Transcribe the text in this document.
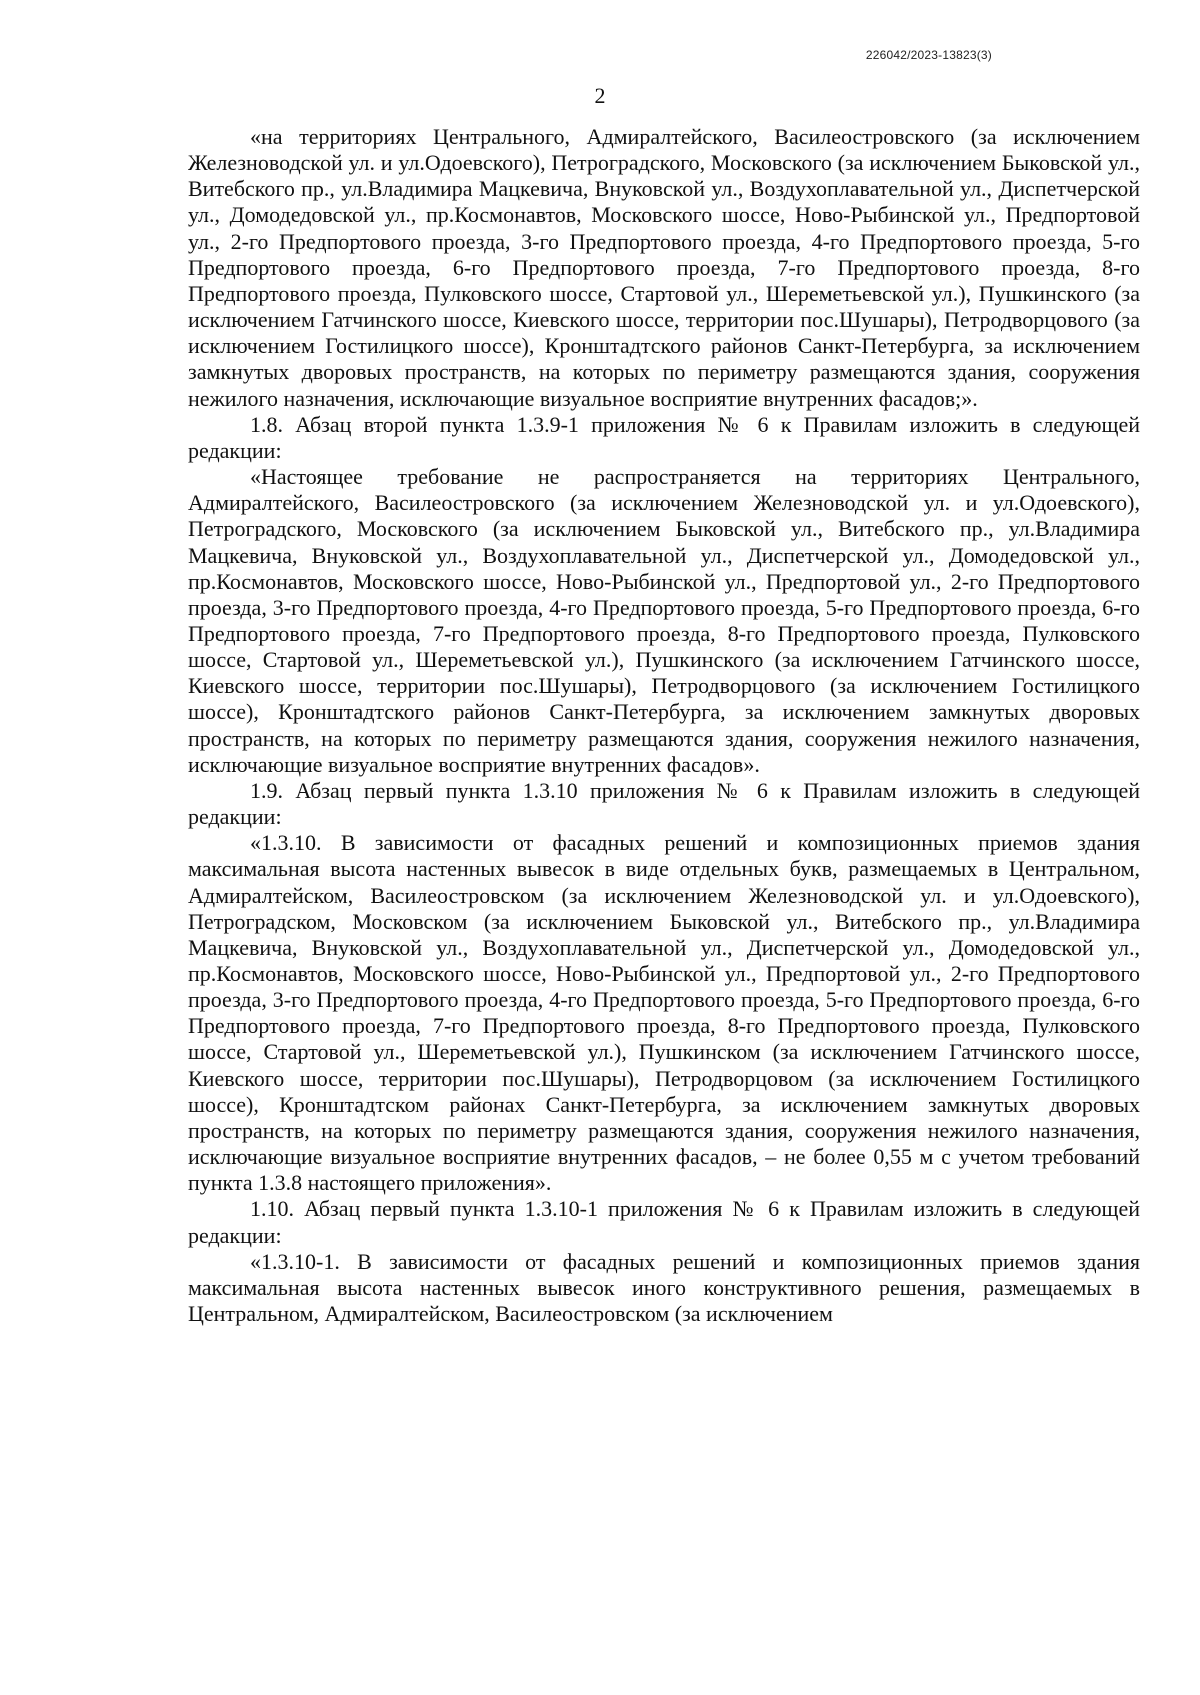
226042/2023-13823(3)
2

«на территориях Центрального, Адмиралтейского, Василеостровского (за исключением Железноводской ул. и ул.Одоевского), Петроградского, Московского (за исключением Быковской ул., Витебского пр., ул.Владимира Мацкевича, Внуковской ул., Воздухоплавательной ул., Диспетчерской ул., Домодедовской ул., пр.Космонавтов, Московского шоссе, Ново-Рыбинской ул., Предпортовой ул., 2-го Предпортового проезда, 3-го Предпортового проезда, 4-го Предпортового проезда, 5-го Предпортового проезда, 6-го Предпортового проезда, 7-го Предпортового проезда, 8-го Предпортового проезда, Пулковского шоссе, Стартовой ул., Шереметьевской ул.), Пушкинского (за исключением Гатчинского шоссе, Киевского шоссе, территории пос.Шушары), Петродворцового (за исключением Гостилицкого шоссе), Кронштадтского районов Санкт-Петербурга, за исключением замкнутых дворовых пространств, на которых по периметру размещаются здания, сооружения нежилого назначения, исключающие визуальное восприятие внутренних фасадов;».

1.8. Абзац второй пункта 1.3.9-1 приложения № 6 к Правилам изложить в следующей редакции:

«Настоящее требование не распространяется на территориях Центрального, Адмиралтейского, Василеостровского (за исключением Железноводской ул. и ул.Одоевского), Петроградского, Московского (за исключением Быковской ул., Витебского пр., ул.Владимира Мацкевича, Внуковской ул., Воздухоплавательной ул., Диспетчерской ул., Домодедовской ул., пр.Космонавтов, Московского шоссе, Ново-Рыбинской ул., Предпортовой ул., 2-го Предпортового проезда, 3-го Предпортового проезда, 4-го Предпортового проезда, 5-го Предпортового проезда, 6-го Предпортового проезда, 7-го Предпортового проезда, 8-го Предпортового проезда, Пулковского шоссе, Стартовой ул., Шереметьевской ул.), Пушкинского (за исключением Гатчинского шоссе, Киевского шоссе, территории пос.Шушары), Петродворцового (за исключением Гостилицкого шоссе), Кронштадтского районов Санкт-Петербурга, за исключением замкнутых дворовых пространств, на которых по периметру размещаются здания, сооружения нежилого назначения, исключающие визуальное восприятие внутренних фасадов».

1.9. Абзац первый пункта 1.3.10 приложения № 6 к Правилам изложить в следующей редакции:

«1.3.10. В зависимости от фасадных решений и композиционных приемов здания максимальная высота настенных вывесок в виде отдельных букв, размещаемых в Центральном, Адмиралтейском, Василеостровском (за исключением Железноводской ул. и ул.Одоевского), Петроградском, Московском (за исключением Быковской ул., Витебского пр., ул.Владимира Мацкевича, Внуковской ул., Воздухоплавательной ул., Диспетчерской ул., Домодедовской ул., пр.Космонавтов, Московского шоссе, Ново-Рыбинской ул., Предпортовой ул., 2-го Предпортового проезда, 3-го Предпортового проезда, 4-го Предпортового проезда, 5-го Предпортового проезда, 6-го Предпортового проезда, 7-го Предпортового проезда, 8-го Предпортового проезда, Пулковского шоссе, Стартовой ул., Шереметьевской ул.), Пушкинском (за исключением Гатчинского шоссе, Киевского шоссе, территории пос.Шушары), Петродворцовом (за исключением Гостилицкого шоссе), Кронштадтском районах Санкт-Петербурга, за исключением замкнутых дворовых пространств, на которых по периметру размещаются здания, сооружения нежилого назначения, исключающие визуальное восприятие внутренних фасадов, – не более 0,55 м с учетом требований пункта 1.3.8 настоящего приложения».

1.10. Абзац первый пункта 1.3.10-1 приложения № 6 к Правилам изложить в следующей редакции:

«1.3.10-1. В зависимости от фасадных решений и композиционных приемов здания максимальная высота настенных вывесок иного конструктивного решения, размещаемых в Центральном, Адмиралтейском, Василеостровском (за исключением
